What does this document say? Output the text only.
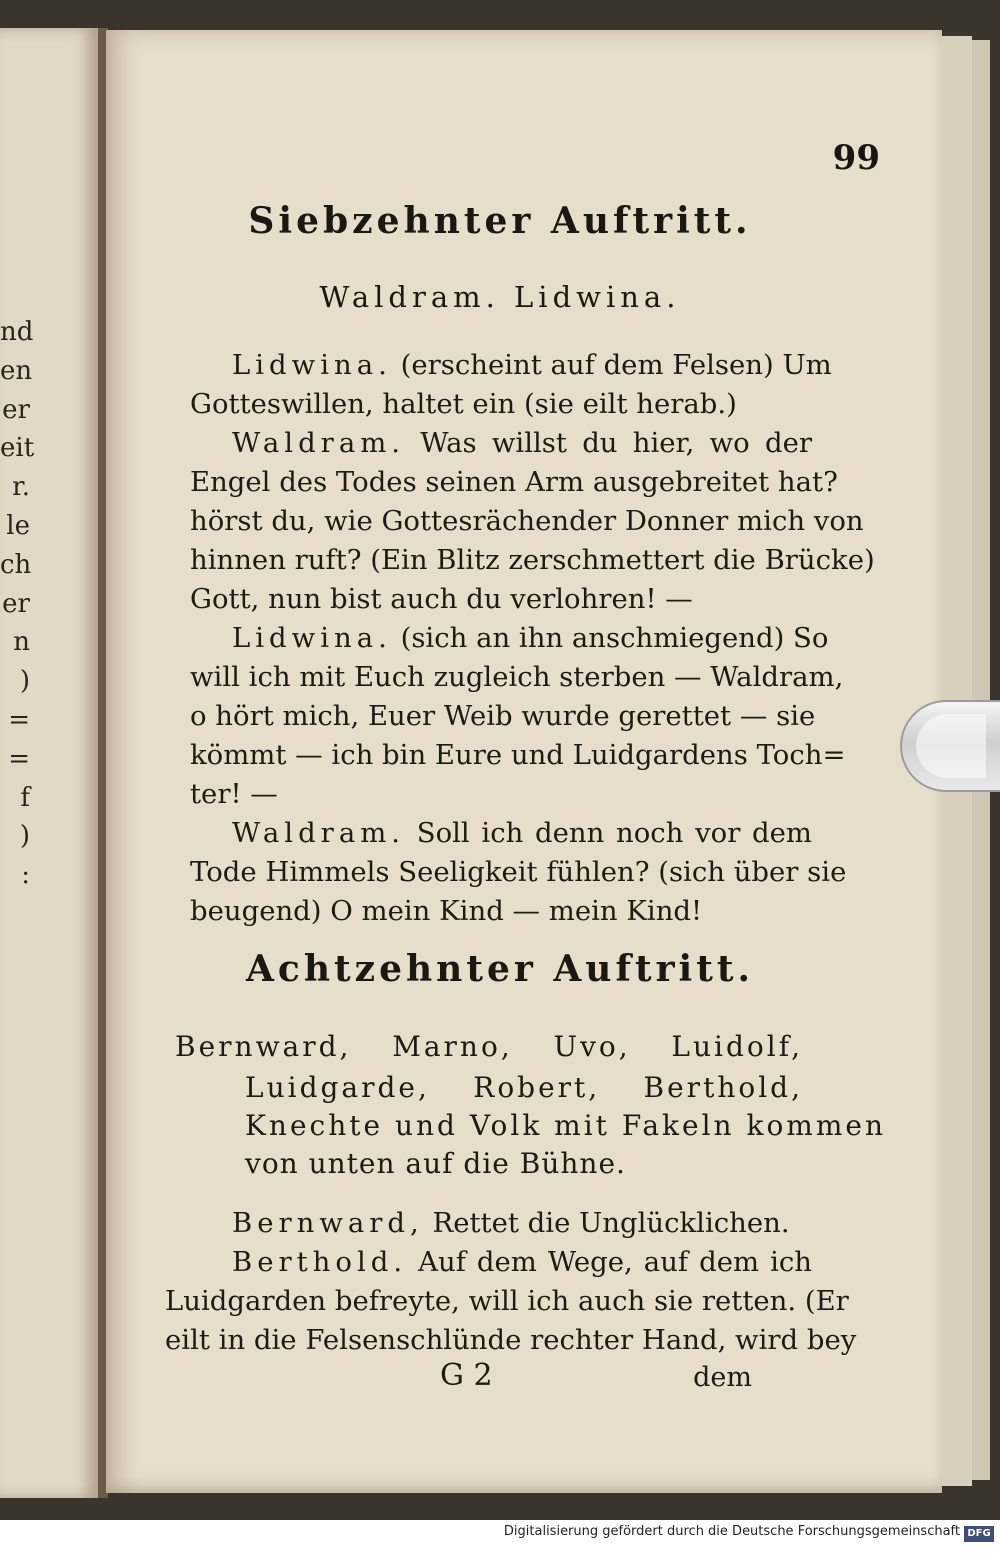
nd
en
er
eit
r.
le
ch
er
n
)
=
=
f
)
:
99
Siebzehnter Auftritt.
Waldram. Lidwina.
Lidwina. (erscheint auf dem Felsen) Um
Gotteswillen, haltet ein (sie eilt herab.)
Waldram. Was willst du hier, wo der
Engel des Todes seinen Arm ausgebreitet hat?
hörst du, wie Gottesrächender Donner mich von
hinnen ruft? (Ein Blitz zerschmettert die Brücke)
Gott, nun bist auch du verlohren! —
Lidwina. (sich an ihn anschmiegend) So
will ich mit Euch zugleich sterben — Waldram,
o hört mich, Euer Weib wurde gerettet — sie
kömmt — ich bin Eure und Luidgardens Toch=
ter! —
Waldram. Soll ich denn noch vor dem
Tode Himmels Seeligkeit fühlen? (sich über sie
beugend) O mein Kind — mein Kind!
Achtzehnter Auftritt.
Bernward, Marno, Uvo, Luidolf,
Luidgarde, Robert, Berthold,
Knechte und Volk mit Fakeln kommen
von unten auf die Bühne.
Bernward, Rettet die Unglücklichen.
Berthold. Auf dem Wege, auf dem ich
Luidgarden befreyte, will ich auch sie retten. (Er
eilt in die Felsenschlünde rechter Hand, wird bey
G 2	dem
Digitalisierung gefördert durch die Deutsche Forschungsgemeinschaft DFG
